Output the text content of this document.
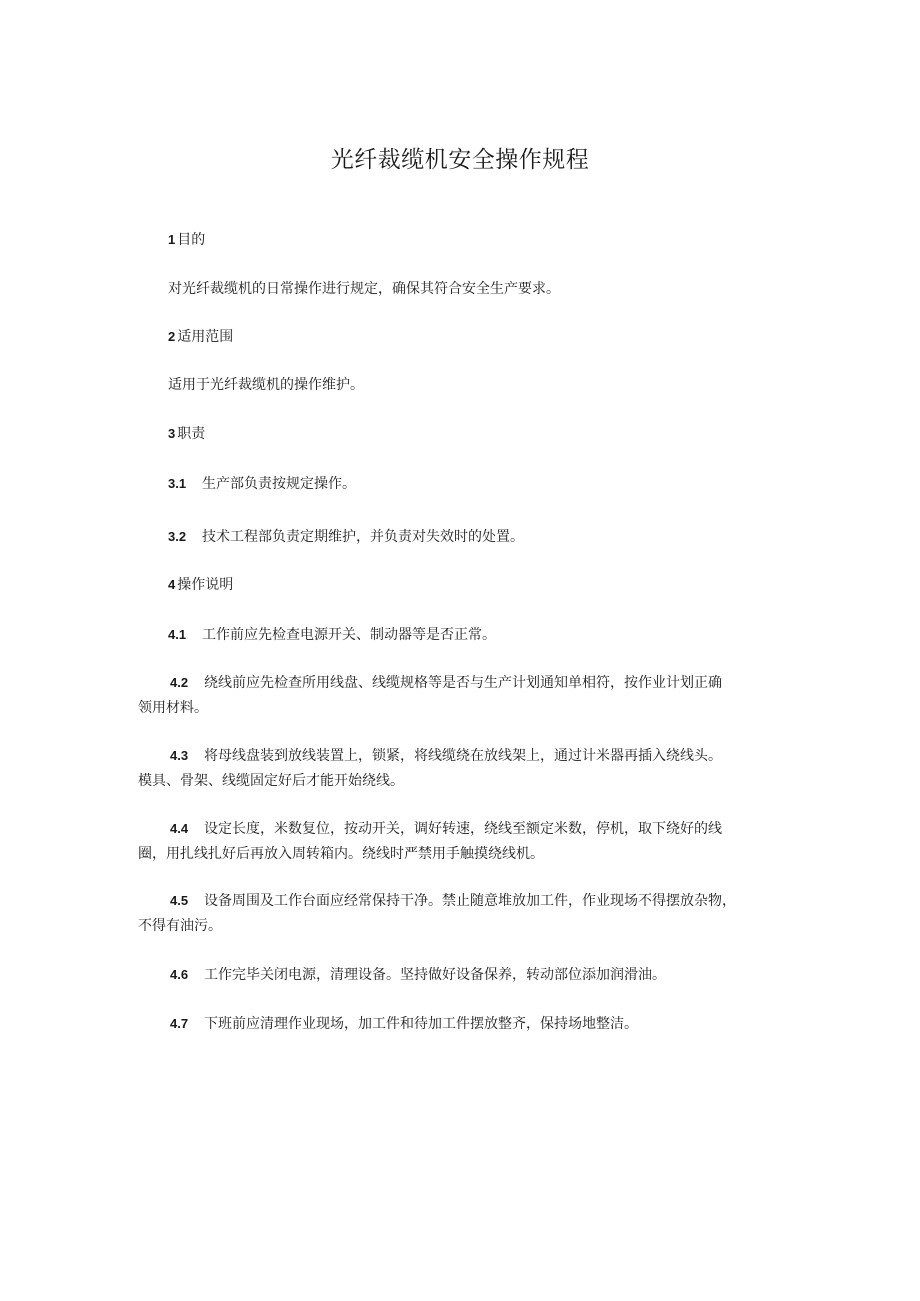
光纤裁缆机安全操作规程
1 目的
对光纤裁缆机的日常操作进行规定，确保其符合安全生产要求。
2 适用范围
适用于光纤裁缆机的操作维护。
3 职责
3.1 生产部负责按规定操作。
3.2 技术工程部负责定期维护，并负责对失效时的处置。
4 操作说明
4.1 工作前应先检查电源开关、制动器等是否正常。
4.2 绕线前应先检查所用线盘、线缆规格等是否与生产计划通知单相符，按作业计划正确
领用材料。
4.3 将母线盘装到放线装置上，锁紧，将线缆绕在放线架上，通过计米器再插入绕线头。
模具、骨架、线缆固定好后才能开始绕线。
4.4 设定长度，米数复位，按动开关，调好转速，绕线至额定米数，停机，取下绕好的线
圈，用扎线扎好后再放入周转箱内。绕线时严禁用手触摸绕线机。
4.5 设备周围及工作台面应经常保持干净。禁止随意堆放加工件，作业现场不得摆放杂物，
不得有油污。
4.6 工作完毕关闭电源，清理设备。坚持做好设备保养，转动部位添加润滑油。
4.7 下班前应清理作业现场，加工件和待加工件摆放整齐，保持场地整洁。
